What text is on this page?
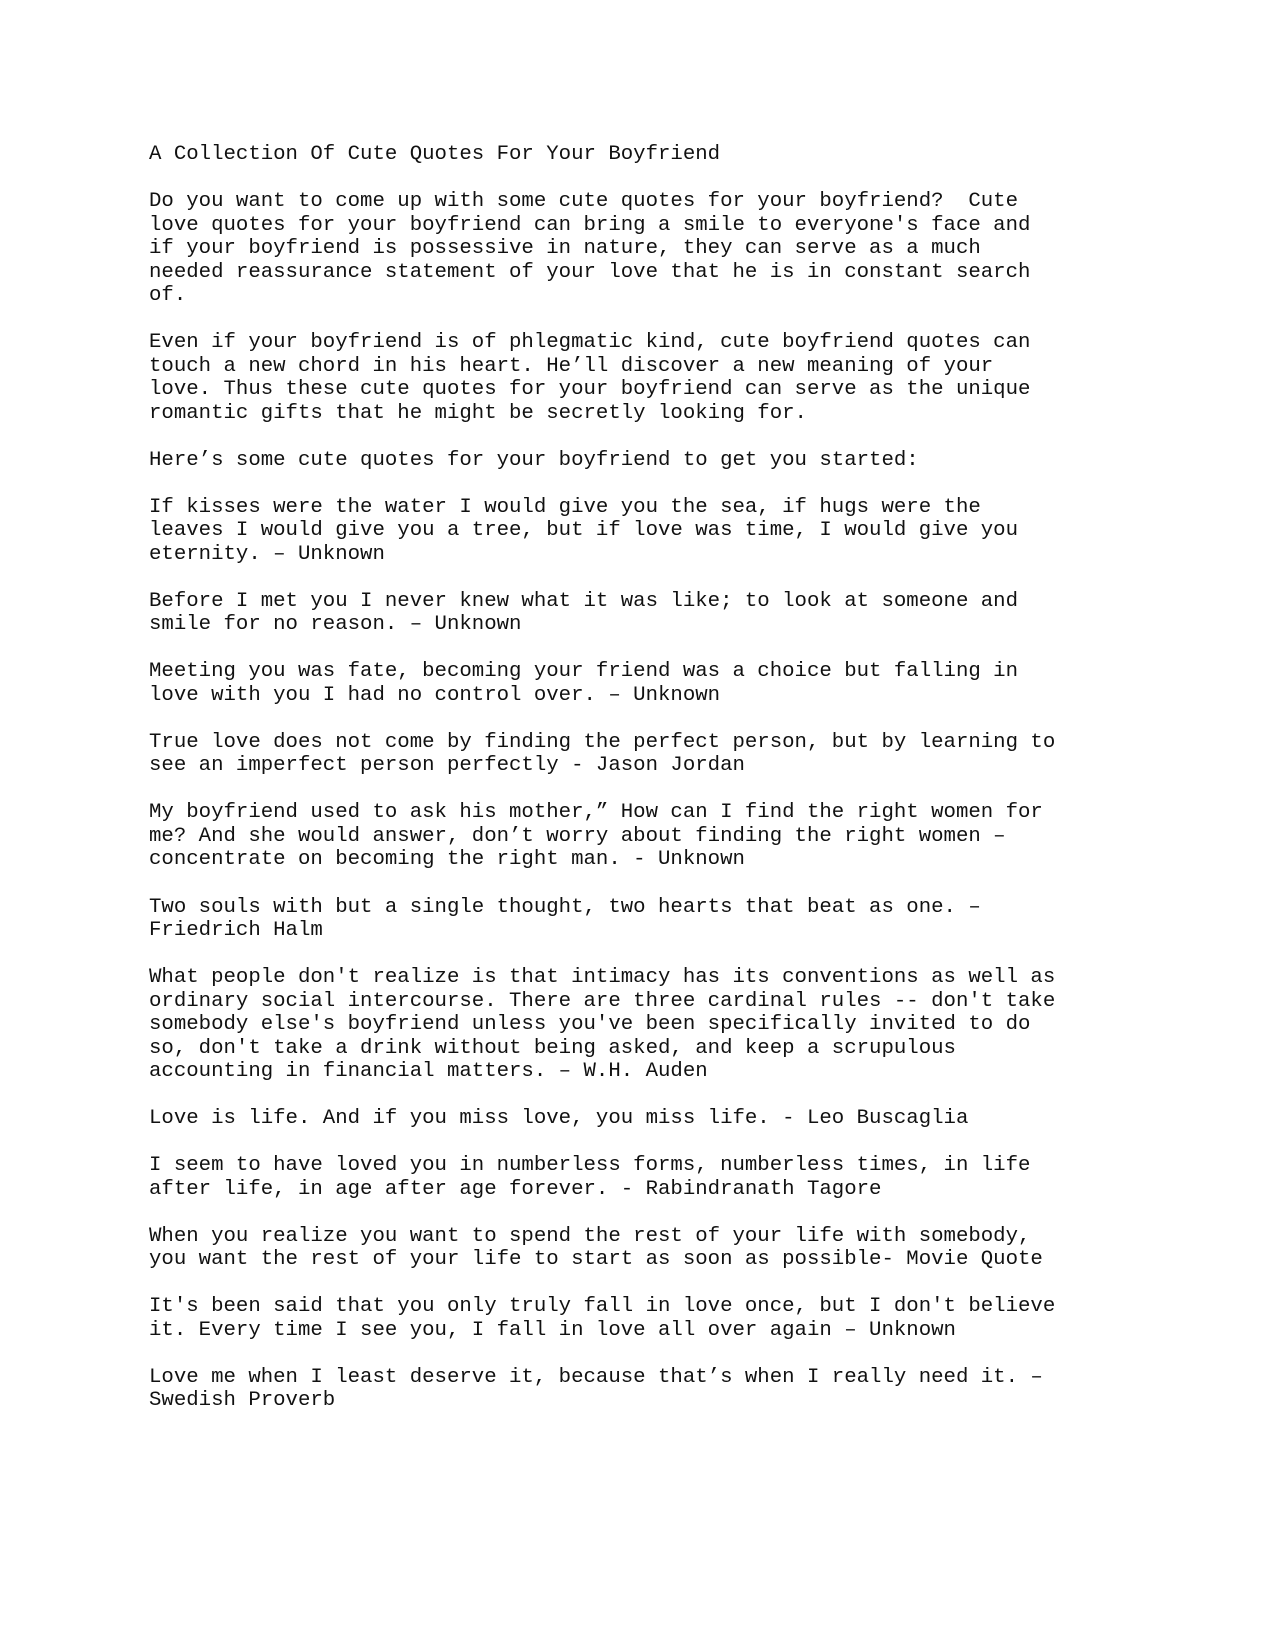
A Collection Of Cute Quotes For Your Boyfriend
Do you want to come up with some cute quotes for your boyfriend?  Cute
love quotes for your boyfriend can bring a smile to everyone's face and
if your boyfriend is possessive in nature, they can serve as a much
needed reassurance statement of your love that he is in constant search
of.
Even if your boyfriend is of phlegmatic kind, cute boyfriend quotes can
touch a new chord in his heart. He’ll discover a new meaning of your
love. Thus these cute quotes for your boyfriend can serve as the unique
romantic gifts that he might be secretly looking for.
Here’s some cute quotes for your boyfriend to get you started:
If kisses were the water I would give you the sea, if hugs were the
leaves I would give you a tree, but if love was time, I would give you
eternity. – Unknown
Before I met you I never knew what it was like; to look at someone and
smile for no reason. – Unknown
Meeting you was fate, becoming your friend was a choice but falling in
love with you I had no control over. – Unknown
True love does not come by finding the perfect person, but by learning to
see an imperfect person perfectly - Jason Jordan
My boyfriend used to ask his mother,” How can I find the right women for
me? And she would answer, don’t worry about finding the right women –
concentrate on becoming the right man. - Unknown
Two souls with but a single thought, two hearts that beat as one. –
Friedrich Halm
What people don't realize is that intimacy has its conventions as well as
ordinary social intercourse. There are three cardinal rules -- don't take
somebody else's boyfriend unless you've been specifically invited to do
so, don't take a drink without being asked, and keep a scrupulous
accounting in financial matters. – W.H. Auden
Love is life. And if you miss love, you miss life. - Leo Buscaglia
I seem to have loved you in numberless forms, numberless times, in life
after life, in age after age forever. - Rabindranath Tagore
When you realize you want to spend the rest of your life with somebody,
you want the rest of your life to start as soon as possible- Movie Quote
It's been said that you only truly fall in love once, but I don't believe
it. Every time I see you, I fall in love all over again – Unknown
Love me when I least deserve it, because that’s when I really need it. –
Swedish Proverb
